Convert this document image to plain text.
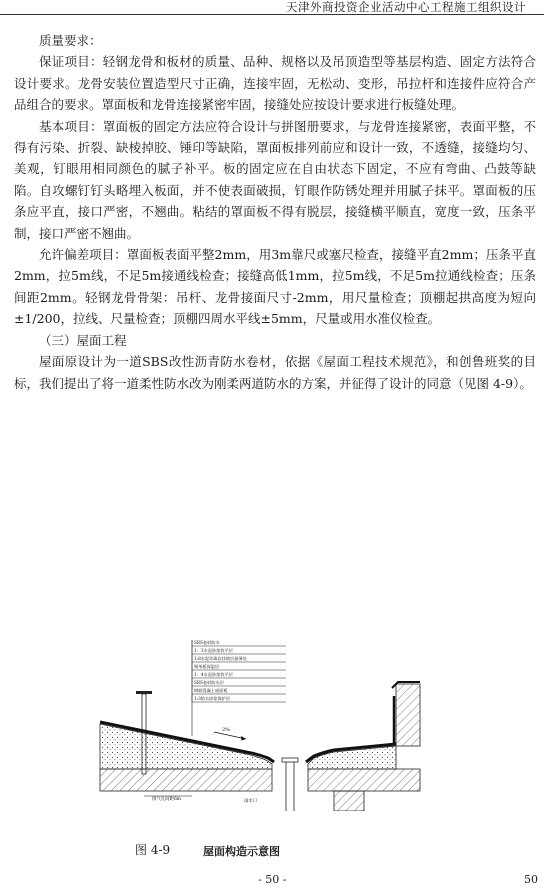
天津外商投资企业活动中心工程施工组织设计

质量要求：

保证项目：轻钢龙骨和板材的质量、品种、规格以及吊顶造型等基层构造、固定方法符合设计要求。龙骨安装位置造型尺寸正确，连接牢固，无松动、变形，吊拉杆和连接件应符合产品组合的要求。罩面板和龙骨连接紧密牢固，接缝处应按设计要求进行板缝处理。

基本项目：罩面板的固定方法应符合设计与拼图册要求，与龙骨连接紧密，表面平整，不得有污染、折裂、缺棱掉胶、锤印等缺陷，罩面板排列前应和设计一致，不透缝，接缝均匀、美观，钉眼用相同颜色的腻子补平。板的固定应在自由状态下固定，不应有弯曲、凸鼓等缺陷。自攻螺钉钉头略埋入板面，并不使表面破损，钉眼作防锈处理并用腻子抹平。罩面板的压条应平直，接口严密，不翘曲。粘结的罩面板不得有脱层，接缝横平顺直，宽度一致，压条平制，接口严密不翘曲。

允许偏差项目：罩面板表面平整2mm，用3m靠尺或塞尺检查，接缝平直2mm；压条平直2mm，拉5m线，不足5m接通线检查；接缝高低1mm，拉5m线，不足5m拉通线检查；压条间距2mm。轻钢龙骨骨架：吊杆、龙骨接面尺寸-2mm，用尺量检查；顶棚起拱高度为短向±1/200，拉线、尺量检查；顶棚四周水平线±5mm，尺量或用水准仪检查。

（三）屋面工程

屋面原设计为一道SBS改性沥青防水卷材，依据《屋面工程技术规范》，和创鲁班奖的目标，我们提出了将一道柔性防水改为刚柔两道防水的方案，并征得了设计的同意（见图 4-9）。

SBS卷材防水
1：3水泥砂浆找平层
1:8水泥珍珠岩找坡层最薄处
聚苯板保温层
1：4水泥砂浆找平层
SBS卷材防水层
钢筋混凝土屋面板
1:3防水砂浆保护层
2%
排气孔间距6m	雨水口
图 4-9	屋面构造示意图
- 50 -	50
